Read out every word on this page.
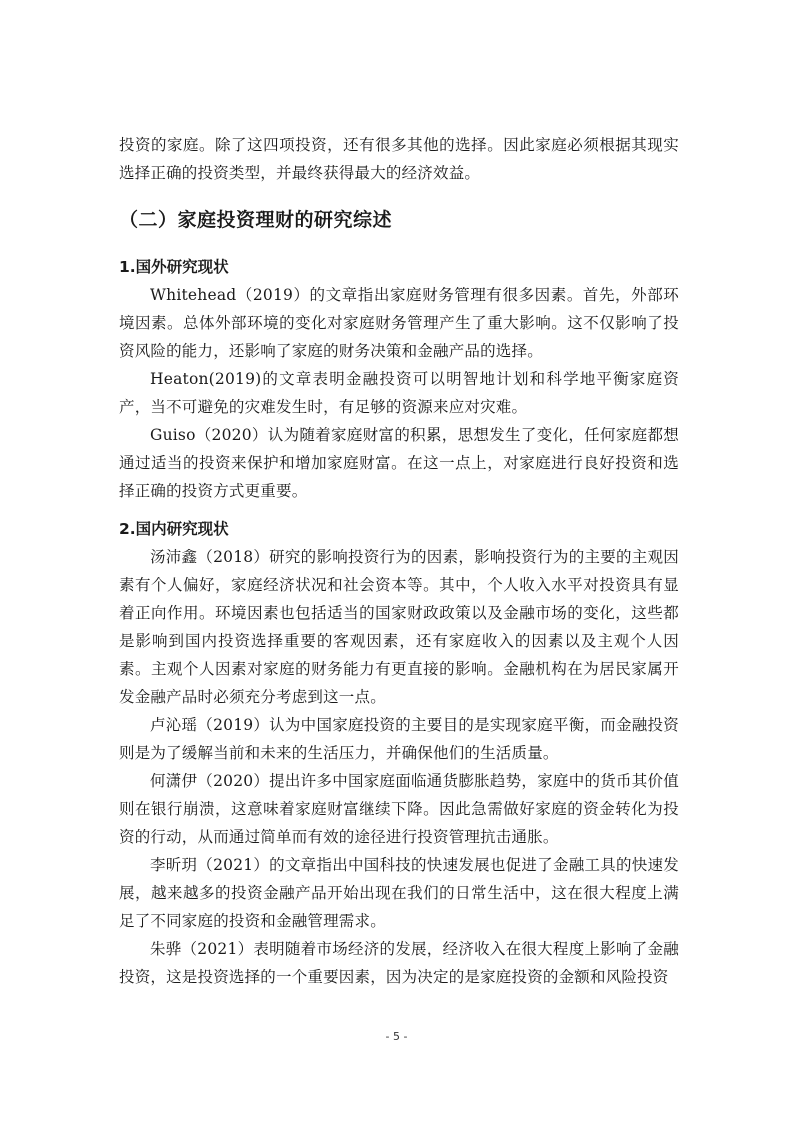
投资的家庭。除了这四项投资，还有很多其他的选择。因此家庭必须根据其现实选择正确的投资类型，并最终获得最大的经济效益。

（二）家庭投资理财的研究综述
1.国外研究现状

Whitehead（2019）的文章指出家庭财务管理有很多因素。首先，外部环境因素。总体外部环境的变化对家庭财务管理产生了重大影响。这不仅影响了投资风险的能力，还影响了家庭的财务决策和金融产品的选择。

Heaton(2019)的文章表明金融投资可以明智地计划和科学地平衡家庭资产，当不可避免的灾难发生时，有足够的资源来应对灾难。

Guiso（2020）认为随着家庭财富的积累，思想发生了变化，任何家庭都想通过适当的投资来保护和增加家庭财富。在这一点上，对家庭进行良好投资和选择正确的投资方式更重要。

2.国内研究现状

汤沛鑫（2018）研究的影响投资行为的因素，影响投资行为的主要的主观因素有个人偏好，家庭经济状况和社会资本等。其中，个人收入水平对投资具有显着正向作用。环境因素也包括适当的国家财政政策以及金融市场的变化，这些都是影响到国内投资选择重要的客观因素，还有家庭收入的因素以及主观个人因素。主观个人因素对家庭的财务能力有更直接的影响。金融机构在为居民家属开发金融产品时必须充分考虑到这一点。

卢沁瑶（2019）认为中国家庭投资的主要目的是实现家庭平衡，而金融投资则是为了缓解当前和未来的生活压力，并确保他们的生活质量。

何潇伊（2020）提出许多中国家庭面临通货膨胀趋势，家庭中的货币其价值则在银行崩溃，这意味着家庭财富继续下降。因此急需做好家庭的资金转化为投资的行动，从而通过简单而有效的途径进行投资管理抗击通胀。

李昕玥（2021）的文章指出中国科技的快速发展也促进了金融工具的快速发展，越来越多的投资金融产品开始出现在我们的日常生活中，这在很大程度上满足了不同家庭的投资和金融管理需求。

朱骅（2021）表明随着市场经济的发展，经济收入在很大程度上影响了金融投资，这是投资选择的一个重要因素，因为决定的是家庭投资的金额和风险投资

- 5 -
